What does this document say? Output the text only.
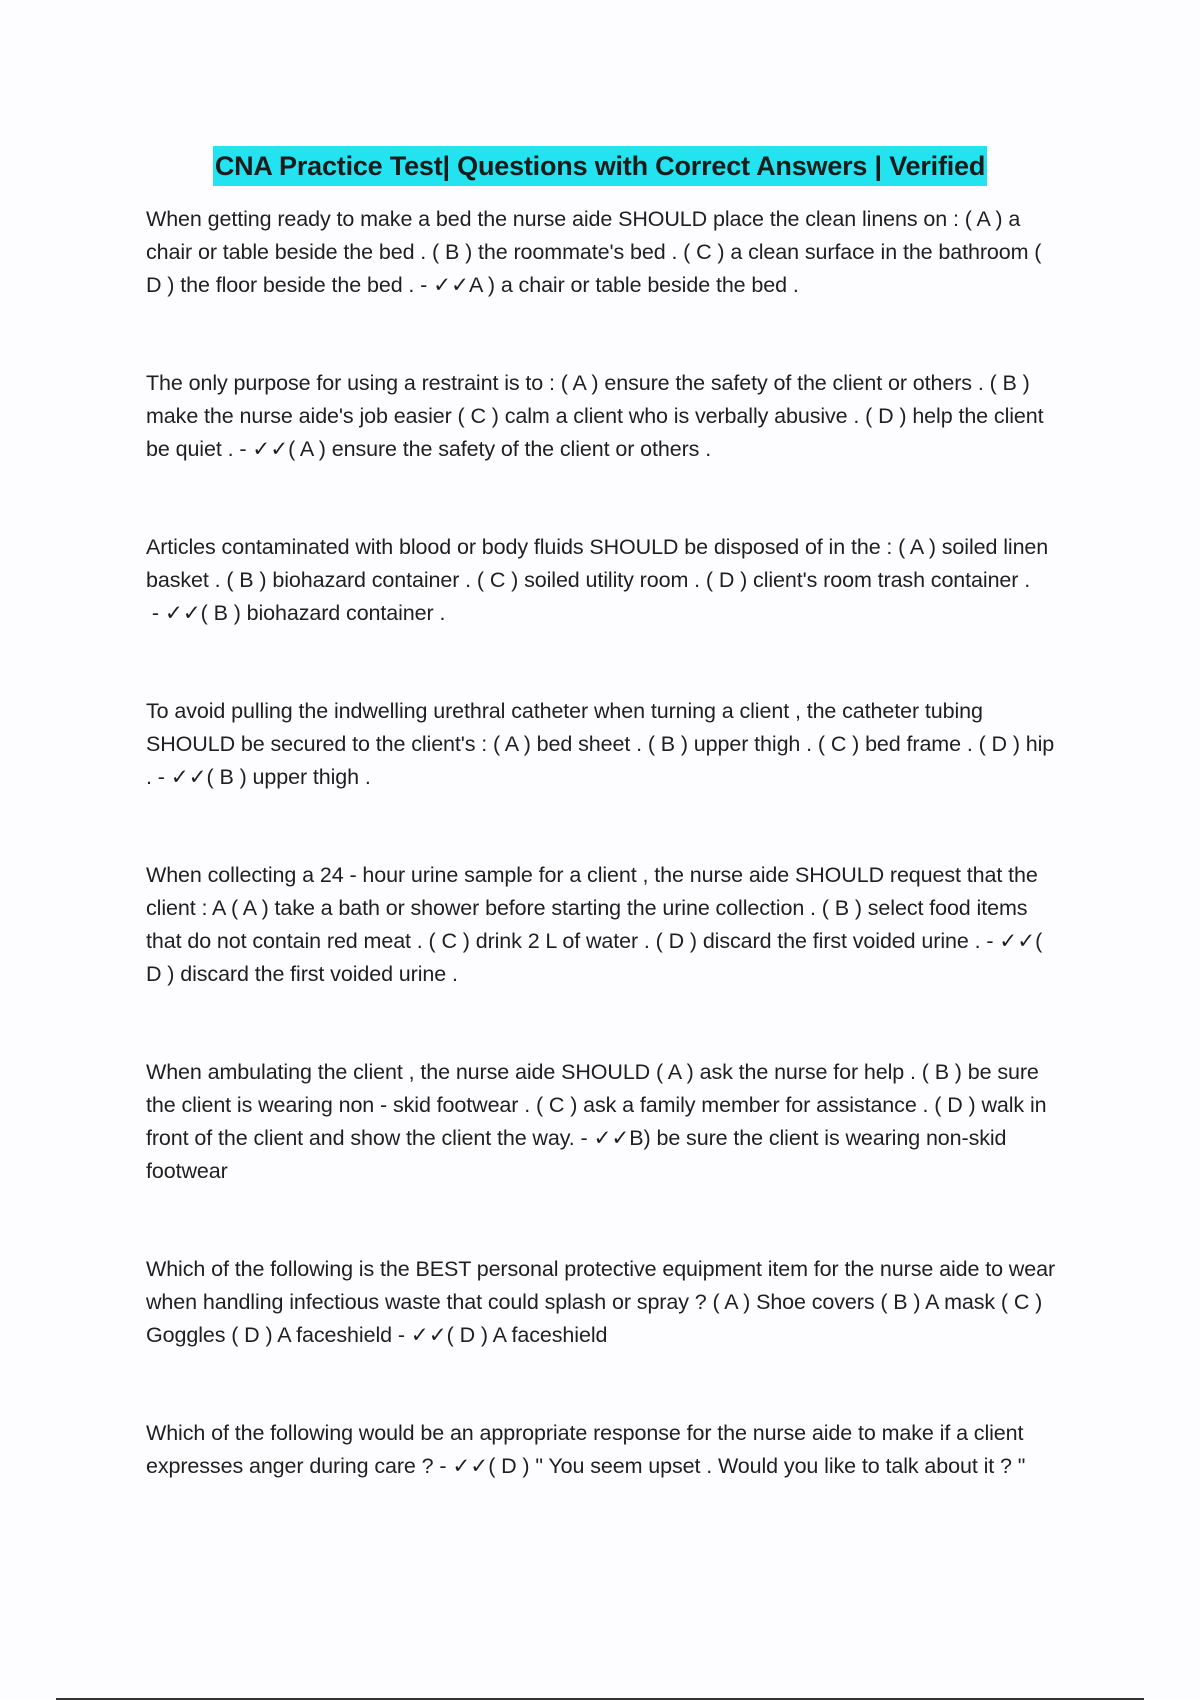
CNA Practice Test| Questions with Correct Answers | Verified

When getting ready to make a bed the nurse aide SHOULD place the clean linens on : ( A ) a chair or table beside the bed . ( B ) the roommate's bed . ( C ) a clean surface in the bathroom ( D ) the floor beside the bed . - ✓✓A ) a chair or table beside the bed .

The only purpose for using a restraint is to : ( A ) ensure the safety of the client or others . ( B ) make the nurse aide's job easier ( C ) calm a client who is verbally abusive . ( D ) help the client be quiet . - ✓✓( A ) ensure the safety of the client or others .

Articles contaminated with blood or body fluids SHOULD be disposed of in the : ( A ) soiled linen basket . ( B ) biohazard container . ( C ) soiled utility room . ( D ) client's room trash container . - ✓✓( B ) biohazard container .

To avoid pulling the indwelling urethral catheter when turning a client , the catheter tubing SHOULD be secured to the client's : ( A ) bed sheet . ( B ) upper thigh . ( C ) bed frame . ( D ) hip . - ✓✓( B ) upper thigh .

When collecting a 24 - hour urine sample for a client , the nurse aide SHOULD request that the client : A ( A ) take a bath or shower before starting the urine collection . ( B ) select food items that do not contain red meat . ( C ) drink 2 L of water . ( D ) discard the first voided urine . - ✓✓( D ) discard the first voided urine .

When ambulating the client , the nurse aide SHOULD ( A ) ask the nurse for help . ( B ) be sure the client is wearing non - skid footwear . ( C ) ask a family member for assistance . ( D ) walk in front of the client and show the client the way. - ✓✓B) be sure the client is wearing non-skid footwear

Which of the following is the BEST personal protective equipment item for the nurse aide to wear when handling infectious waste that could splash or spray ? ( A ) Shoe covers ( B ) A mask ( C ) Goggles ( D ) A faceshield - ✓✓( D ) A faceshield

Which of the following would be an appropriate response for the nurse aide to make if a client expresses anger during care ? - ✓✓( D ) " You seem upset . Would you like to talk about it ? "
